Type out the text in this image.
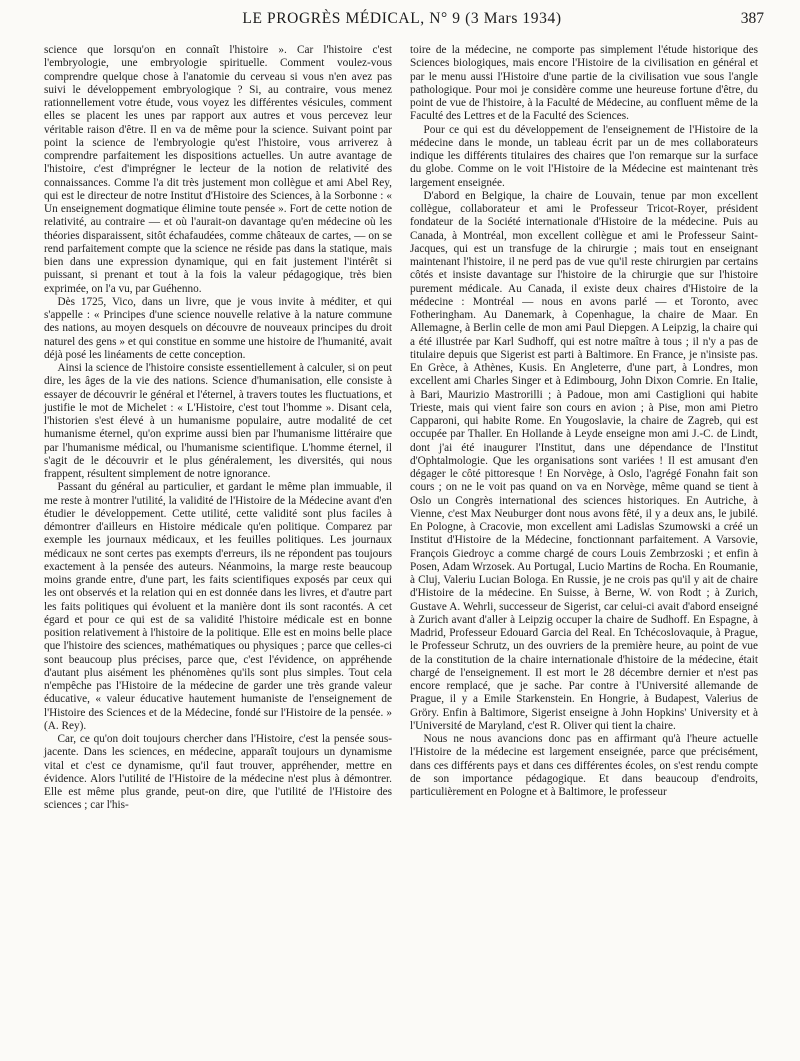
LE PROGRÈS MÉDICAL, N° 9 (3 Mars 1934)	387

science que lorsqu'on en connaît l'histoire ». Car l'histoire c'est l'embryologie, une embryologie spirituelle. Comment voulez-vous comprendre quelque chose à l'anatomie du cerveau si vous n'en avez pas suivi le développement embryologique ? Si, au contraire, vous menez rationnellement votre étude, vous voyez les différentes vésicules, comment elles se placent les unes par rapport aux autres et vous percevez leur véritable raison d'être. Il en va de même pour la science. Suivant point par point la science de l'embryologie qu'est l'histoire, vous arriverez à comprendre parfaitement les dispositions actuelles. Un autre avantage de l'histoire, c'est d'imprégner le lecteur de la notion de relativité des connaissances. Comme l'a dit très justement mon collègue et ami Abel Rey, qui est le directeur de notre Institut d'Histoire des Sciences, à la Sorbonne : « Un enseignement dogmatique élimine toute pensée ». Fort de cette notion de relativité, au contraire — et où l'aurait-on davantage qu'en médecine où les théories disparaissent, sitôt échafaudées, comme châteaux de cartes, — on se rend parfaitement compte que la science ne réside pas dans la statique, mais bien dans une expression dynamique, qui en fait justement l'intérêt si puissant, si prenant et tout à la fois la valeur pédagogique, très bien exprimée, on l'a vu, par Guéhenno.

Dès 1725, Vico, dans un livre, que je vous invite à méditer, et qui s'appelle : « Principes d'une science nouvelle relative à la nature commune des nations, au moyen desquels on découvre de nouveaux principes du droit naturel des gens » et qui constitue en somme une histoire de l'humanité, avait déjà posé les linéaments de cette conception.

Ainsi la science de l'histoire consiste essentiellement à calculer, si on peut dire, les âges de la vie des nations. Science d'humanisation, elle consiste à essayer de découvrir le général et l'éternel, à travers toutes les fluctuations, et justifie le mot de Michelet : « L'Histoire, c'est tout l'homme ». Disant cela, l'historien s'est élevé à un humanisme populaire, autre modalité de cet humanisme éternel, qu'on exprime aussi bien par l'humanisme littéraire que par l'humanisme médical, ou l'humanisme scientifique. L'homme éternel, il s'agit de le découvrir et le plus généralement, les diversités, qui nous frappent, résultent simplement de notre ignorance.

Passant du général au particulier, et gardant le même plan immuable, il me reste à montrer l'utilité, la validité de l'Histoire de la Médecine avant d'en étudier le développement. Cette utilité, cette validité sont plus faciles à démontrer d'ailleurs en Histoire médicale qu'en politique. Comparez par exemple les journaux médicaux, et les feuilles politiques. Les journaux médicaux ne sont certes pas exempts d'erreurs, ils ne répondent pas toujours exactement à la pensée des auteurs. Néanmoins, la marge reste beaucoup moins grande entre, d'une part, les faits scientifiques exposés par ceux qui les ont observés et la relation qui en est donnée dans les livres, et d'autre part les faits politiques qui évoluent et la manière dont ils sont racontés. A cet égard et pour ce qui est de sa validité l'histoire médicale est en bonne position relativement à l'histoire de la politique. Elle est en moins belle place que l'histoire des sciences, mathématiques ou physiques ; parce que celles-ci sont beaucoup plus précises, parce que, c'est l'évidence, on appréhende d'autant plus aisément les phénomènes qu'ils sont plus simples. Tout cela n'empêche pas l'Histoire de la médecine de garder une très grande valeur éducative, « valeur éducative hautement humaniste de l'enseignement de l'Histoire des Sciences et de la Médecine, fondé sur l'Histoire de la pensée. » (A. Rey).

Car, ce qu'on doit toujours chercher dans l'Histoire, c'est la pensée sous-jacente. Dans les sciences, en médecine, apparaît toujours un dynamisme vital et c'est ce dynamisme, qu'il faut trouver, appréhender, mettre en évidence. Alors l'utilité de l'Histoire de la médecine n'est plus à démontrer. Elle est même plus grande, peut-on dire, que l'utilité de l'Histoire des sciences ; car l'his-

toire de la médecine, ne comporte pas simplement l'étude historique des Sciences biologiques, mais encore l'Histoire de la civilisation en général et par le menu aussi l'Histoire d'une partie de la civilisation vue sous l'angle pathologique. Pour moi je considère comme une heureuse fortune d'être, du point de vue de l'histoire, à la Faculté de Médecine, au confluent même de la Faculté des Lettres et de la Faculté des Sciences.

Pour ce qui est du développement de l'enseignement de l'Histoire de la médecine dans le monde, un tableau écrit par un de mes collaborateurs indique les différents titulaires des chaires que l'on remarque sur la surface du globe. Comme on le voit l'Histoire de la Médecine est maintenant très largement enseignée.

D'abord en Belgique, la chaire de Louvain, tenue par mon excellent collègue, collaborateur et ami le Professeur Tricot-Royer, président fondateur de la Société internationale d'Histoire de la médecine. Puis au Canada, à Montréal, mon excellent collègue et ami le Professeur Saint-Jacques, qui est un transfuge de la chirurgie ; mais tout en enseignant maintenant l'histoire, il ne perd pas de vue qu'il reste chirurgien par certains côtés et insiste davantage sur l'histoire de la chirurgie que sur l'histoire purement médicale. Au Canada, il existe deux chaires d'Histoire de la médecine : Montréal — nous en avons parlé — et Toronto, avec Fotheringham. Au Danemark, à Copenhague, la chaire de Maar. En Allemagne, à Berlin celle de mon ami Paul Diepgen. A Leipzig, la chaire qui a été illustrée par Karl Sudhoff, qui est notre maître à tous ; il n'y a pas de titulaire depuis que Sigerist est parti à Baltimore. En France, je n'insiste pas. En Grèce, à Athènes, Kusis. En Angleterre, d'une part, à Londres, mon excellent ami Charles Singer et à Edimbourg, John Dixon Comrie. En Italie, à Bari, Maurizio Mastrorilli ; à Padoue, mon ami Castiglioni qui habite Trieste, mais qui vient faire son cours en avion ; à Pise, mon ami Pietro Capparoni, qui habite Rome. En Yougoslavie, la chaire de Zagreb, qui est occupée par Thaller. En Hollande à Leyde enseigne mon ami J.-C. de Lindt, dont j'ai été inaugurer l'Institut, dans une dépendance de l'Institut d'Ophtalmologie. Que les organisations sont variées ! Il est amusant d'en dégager le côté pittoresque ! En Norvège, à Oslo, l'agrégé Fonahn fait son cours ; on ne le voit pas quand on va en Norvège, même quand se tient à Oslo un Congrès international des sciences historiques. En Autriche, à Vienne, c'est Max Neuburger dont nous avons fêté, il y a deux ans, le jubilé. En Pologne, à Cracovie, mon excellent ami Ladislas Szumowski a créé un Institut d'Histoire de la Médecine, fonctionnant parfaitement. A Varsovie, François Giedroyc a comme chargé de cours Louis Zembrzoski ; et enfin à Posen, Adam Wrzosek. Au Portugal, Lucio Martins de Rocha. En Roumanie, à Cluj, Valeriu Lucian Bologa. En Russie, je ne crois pas qu'il y ait de chaire d'Histoire de la médecine. En Suisse, à Berne, W. von Rodt ; à Zurich, Gustave A. Wehrli, successeur de Sigerist, car celui-ci avait d'abord enseigné à Zurich avant d'aller à Leipzig occuper la chaire de Sudhoff. En Espagne, à Madrid, Professeur Edouard Garcia del Real. En Tchécoslovaquie, à Prague, le Professeur Schrutz, un des ouvriers de la première heure, au point de vue de la constitution de la chaire internationale d'histoire de la médecine, était chargé de l'enseignement. Il est mort le 28 décembre dernier et n'est pas encore remplacé, que je sache. Par contre à l'Université allemande de Prague, il y a Emile Starkenstein. En Hongrie, à Budapest, Valerius de Gröry. Enfin à Baltimore, Sigerist enseigne à John Hopkins' University et à l'Université de Maryland, c'est R. Oliver qui tient la chaire.

Nous ne nous avancions donc pas en affirmant qu'à l'heure actuelle l'Histoire de la médecine est largement enseignée, parce que précisément, dans ces différents pays et dans ces différentes écoles, on s'est rendu compte de son importance pédagogique. Et dans beaucoup d'endroits, particulièrement en Pologne et à Baltimore, le professeur
